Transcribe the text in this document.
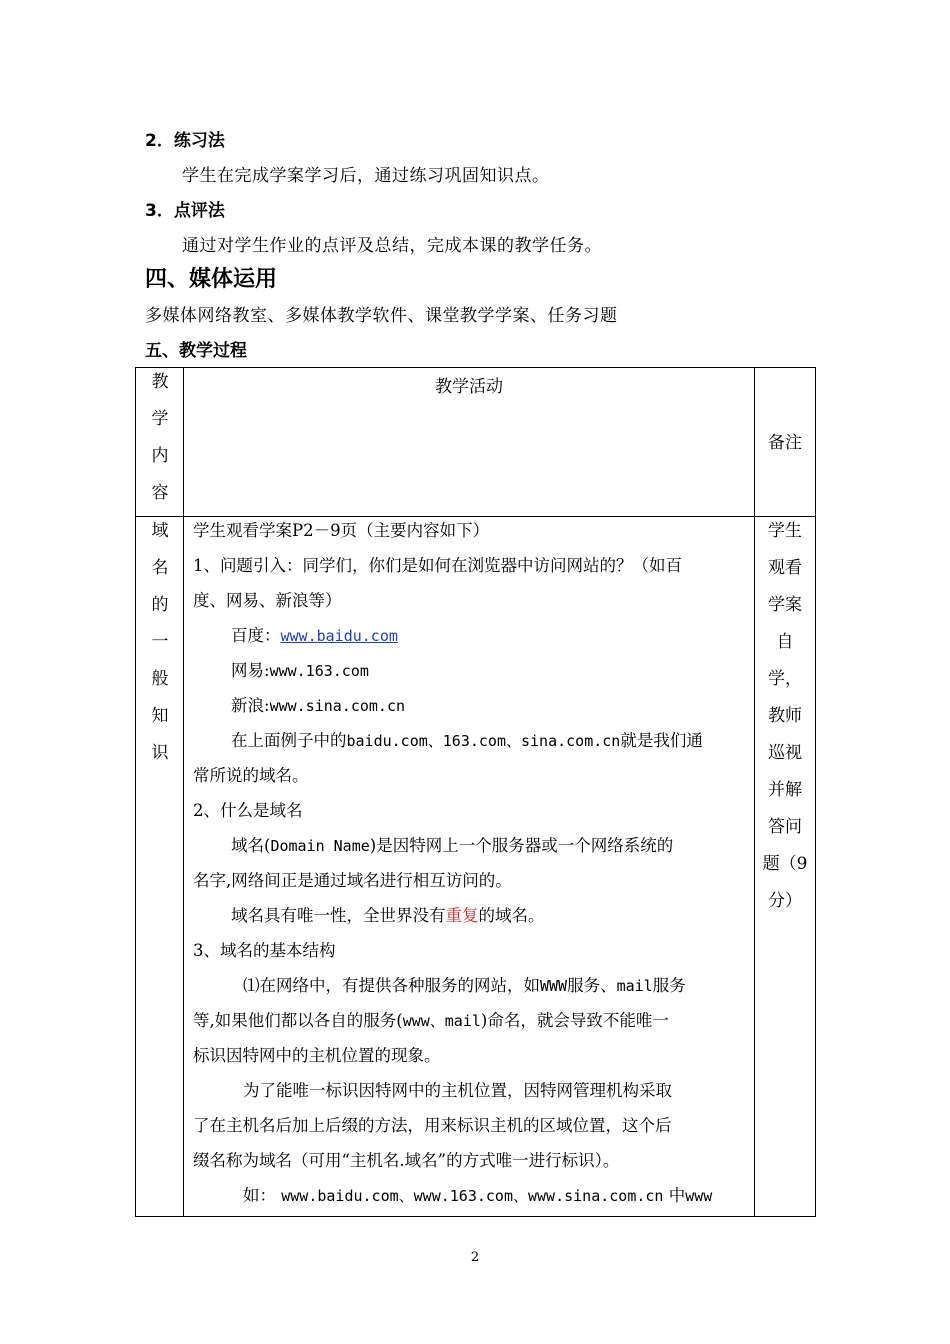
2．练习法
学生在完成学案学习后，通过练习巩固知识点。
3．点评法
通过对学生作业的点评及总结，完成本课的教学任务。
四、媒体运用
多媒体网络教室、多媒体教学软件、课堂教学学案、任务习题
五、教学过程
教
学
内
容
教学活动
备注
域
名
的
一
般
知
识
学生
观看
学案
自
学，
教师
巡视
并解
答问
题（9
分）
学生观看学案P2－9页（主要内容如下）
1、问题引入：同学们，你们是如何在浏览器中访问网站的？（如百
度、网易、新浪等）
百度：www.baidu.com
网易:www.163.com
新浪:www.sina.com.cn
在上面例子中的baidu.com、163.com、sina.com.cn就是我们通
常所说的域名。
2、什么是域名
域名(Domain Name)是因特网上一个服务器或一个网络系统的
名字,网络间正是通过域名进行相互访问的。
域名具有唯一性，全世界没有重复的域名。
3、域名的基本结构
⑴在网络中，有提供各种服务的网站，如WWW服务、mail服务
等,如果他们都以各自的服务(www、mail)命名，就会导致不能唯一
标识因特网中的主机位置的现象。
为了能唯一标识因特网中的主机位置，因特网管理机构采取
了在主机名后加上后缀的方法，用来标识主机的区域位置，这个后
缀名称为域名（可用“主机名.域名”的方式唯一进行标识）。
如： www.baidu.com、www.163.com、www.sina.com.cn 中www
2
